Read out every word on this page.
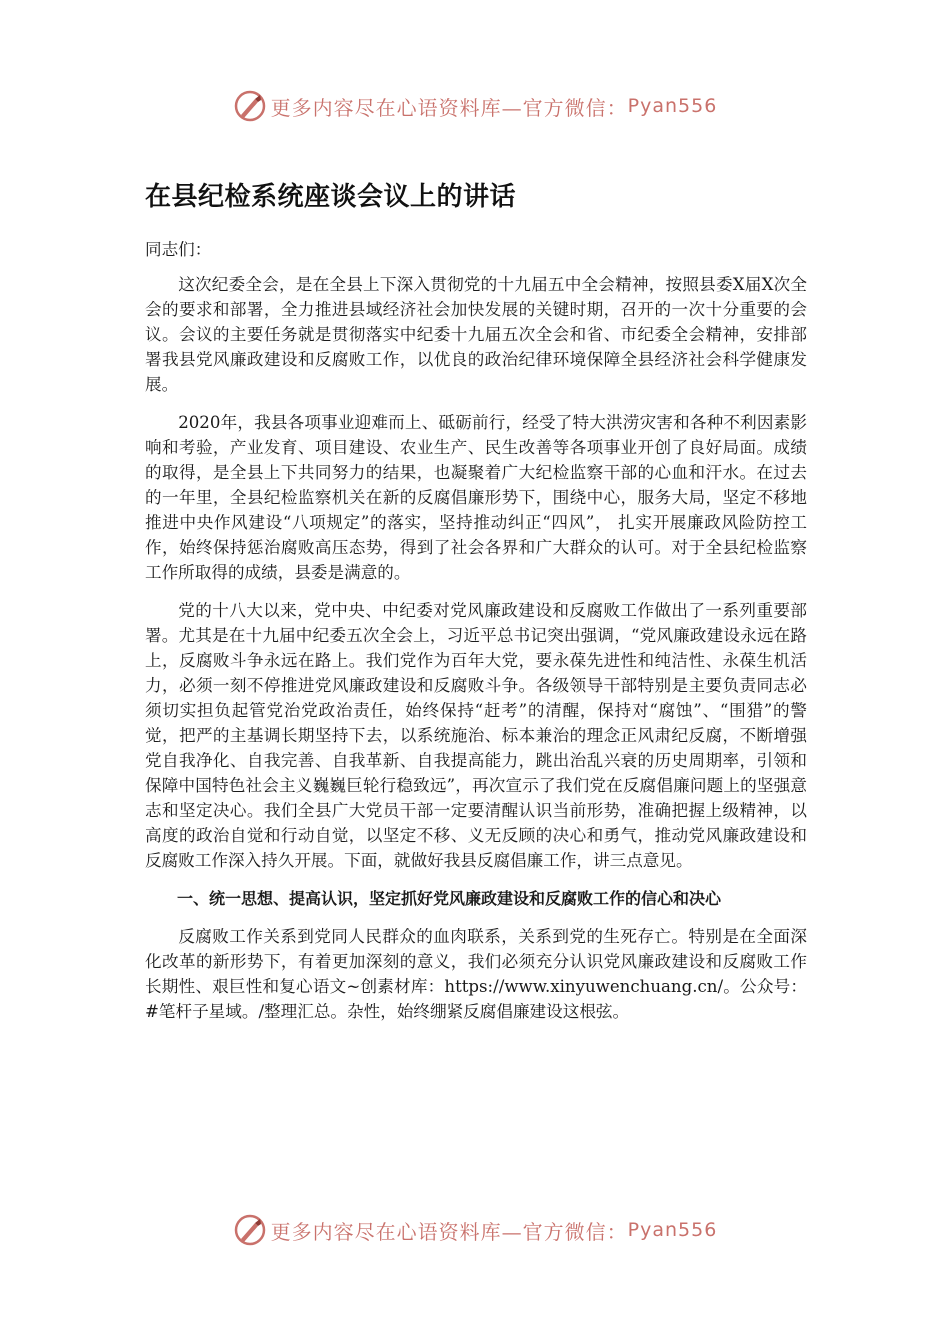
更多内容尽在心语资料库—官方微信： Pyan556
在县纪检系统座谈会议上的讲话

同志们：

这次纪委全会，是在全县上下深入贯彻党的十九届五中全会精神，按照县委X届X次全会的要求和部署，全力推进县域经济社会加快发展的关键时期，召开的一次十分重要的会议。会议的主要任务就是贯彻落实中纪委十九届五次全会和省、市纪委全会精神，安排部署我县党风廉政建设和反腐败工作，以优良的政治纪律环境保障全县经济社会科学健康发展。

2020年，我县各项事业迎难而上、砥砺前行，经受了特大洪涝灾害和各种不利因素影响和考验，产业发育、项目建设、农业生产、民生改善等各项事业开创了良好局面。成绩的取得，是全县上下共同努力的结果，也凝聚着广大纪检监察干部的心血和汗水。在过去的一年里，全县纪检监察机关在新的反腐倡廉形势下，围绕中心，服务大局，坚定不移地推进中央作风建设“八项规定”的落实，坚持推动纠正“四风”， 扎实开展廉政风险防控工作，始终保持惩治腐败高压态势，得到了社会各界和广大群众的认可。对于全县纪检监察工作所取得的成绩，县委是满意的。

党的十八大以来，党中央、中纪委对党风廉政建设和反腐败工作做出了一系列重要部署。尤其是在十九届中纪委五次全会上，习近平总书记突出强调，“党风廉政建设永远在路上，反腐败斗争永远在路上。我们党作为百年大党，要永葆先进性和纯洁性、永葆生机活力，必须一刻不停推进党风廉政建设和反腐败斗争。各级领导干部特别是主要负责同志必须切实担负起管党治党政治责任，始终保持“赶考”的清醒，保持对“腐蚀”、“围猎”的警觉，把严的主基调长期坚持下去，以系统施治、标本兼治的理念正风肃纪反腐，不断增强党自我净化、自我完善、自我革新、自我提高能力，跳出治乱兴衰的历史周期率，引领和保障中国特色社会主义巍巍巨轮行稳致远”，再次宣示了我们党在反腐倡廉问题上的坚强意志和坚定决心。我们全县广大党员干部一定要清醒认识当前形势，准确把握上级精神，以高度的政治自觉和行动自觉，以坚定不移、义无反顾的决心和勇气，推动党风廉政建设和反腐败工作深入持久开展。下面，就做好我县反腐倡廉工作，讲三点意见。

一、统一思想、提高认识，坚定抓好党风廉政建设和反腐败工作的信心和决心

反腐败工作关系到党同人民群众的血肉联系，关系到党的生死存亡。特别是在全面深化改革的新形势下，有着更加深刻的意义，我们必须充分认识党风廉政建设和反腐败工作长期性、艰巨性和复心语文~创素材库：https://www.xinyuwenchuang.cn/。公众号：#笔杆子星域。/整理汇总。杂性，始终绷紧反腐倡廉建设这根弦。

更多内容尽在心语资料库—官方微信： Pyan556
